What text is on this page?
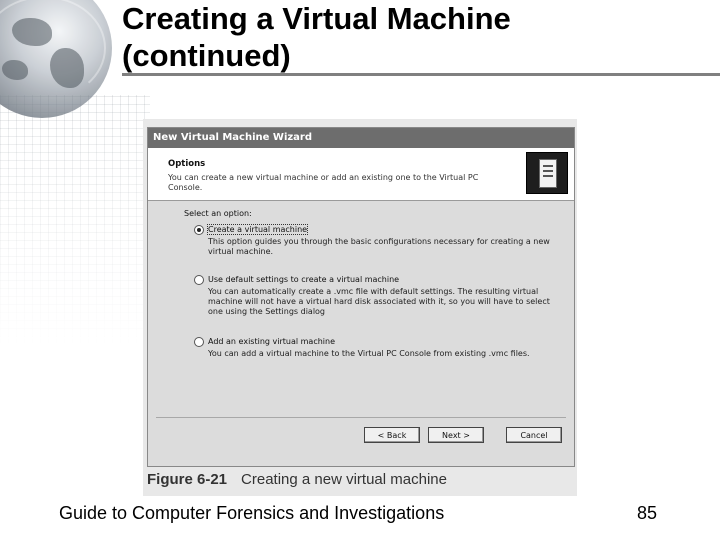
Creating a Virtual Machine
(continued)
New Virtual Machine Wizard
Options
You can create a new virtual machine or add an existing one to the Virtual PC Console.
Select an option:
Create a virtual machine
This option guides you through the basic configurations necessary for creating a new virtual machine.
Use default settings to create a virtual machine
You can automatically create a .vmc file with default settings. The resulting virtual machine will not have a virtual hard disk associated with it, so you will have to select one using the Settings dialog
Add an existing virtual machine
You can add a virtual machine to the Virtual PC Console from existing .vmc files.
< Back	Next >	Cancel
Figure 6-21 Creating a new virtual machine
Guide to Computer Forensics and Investigations	85
